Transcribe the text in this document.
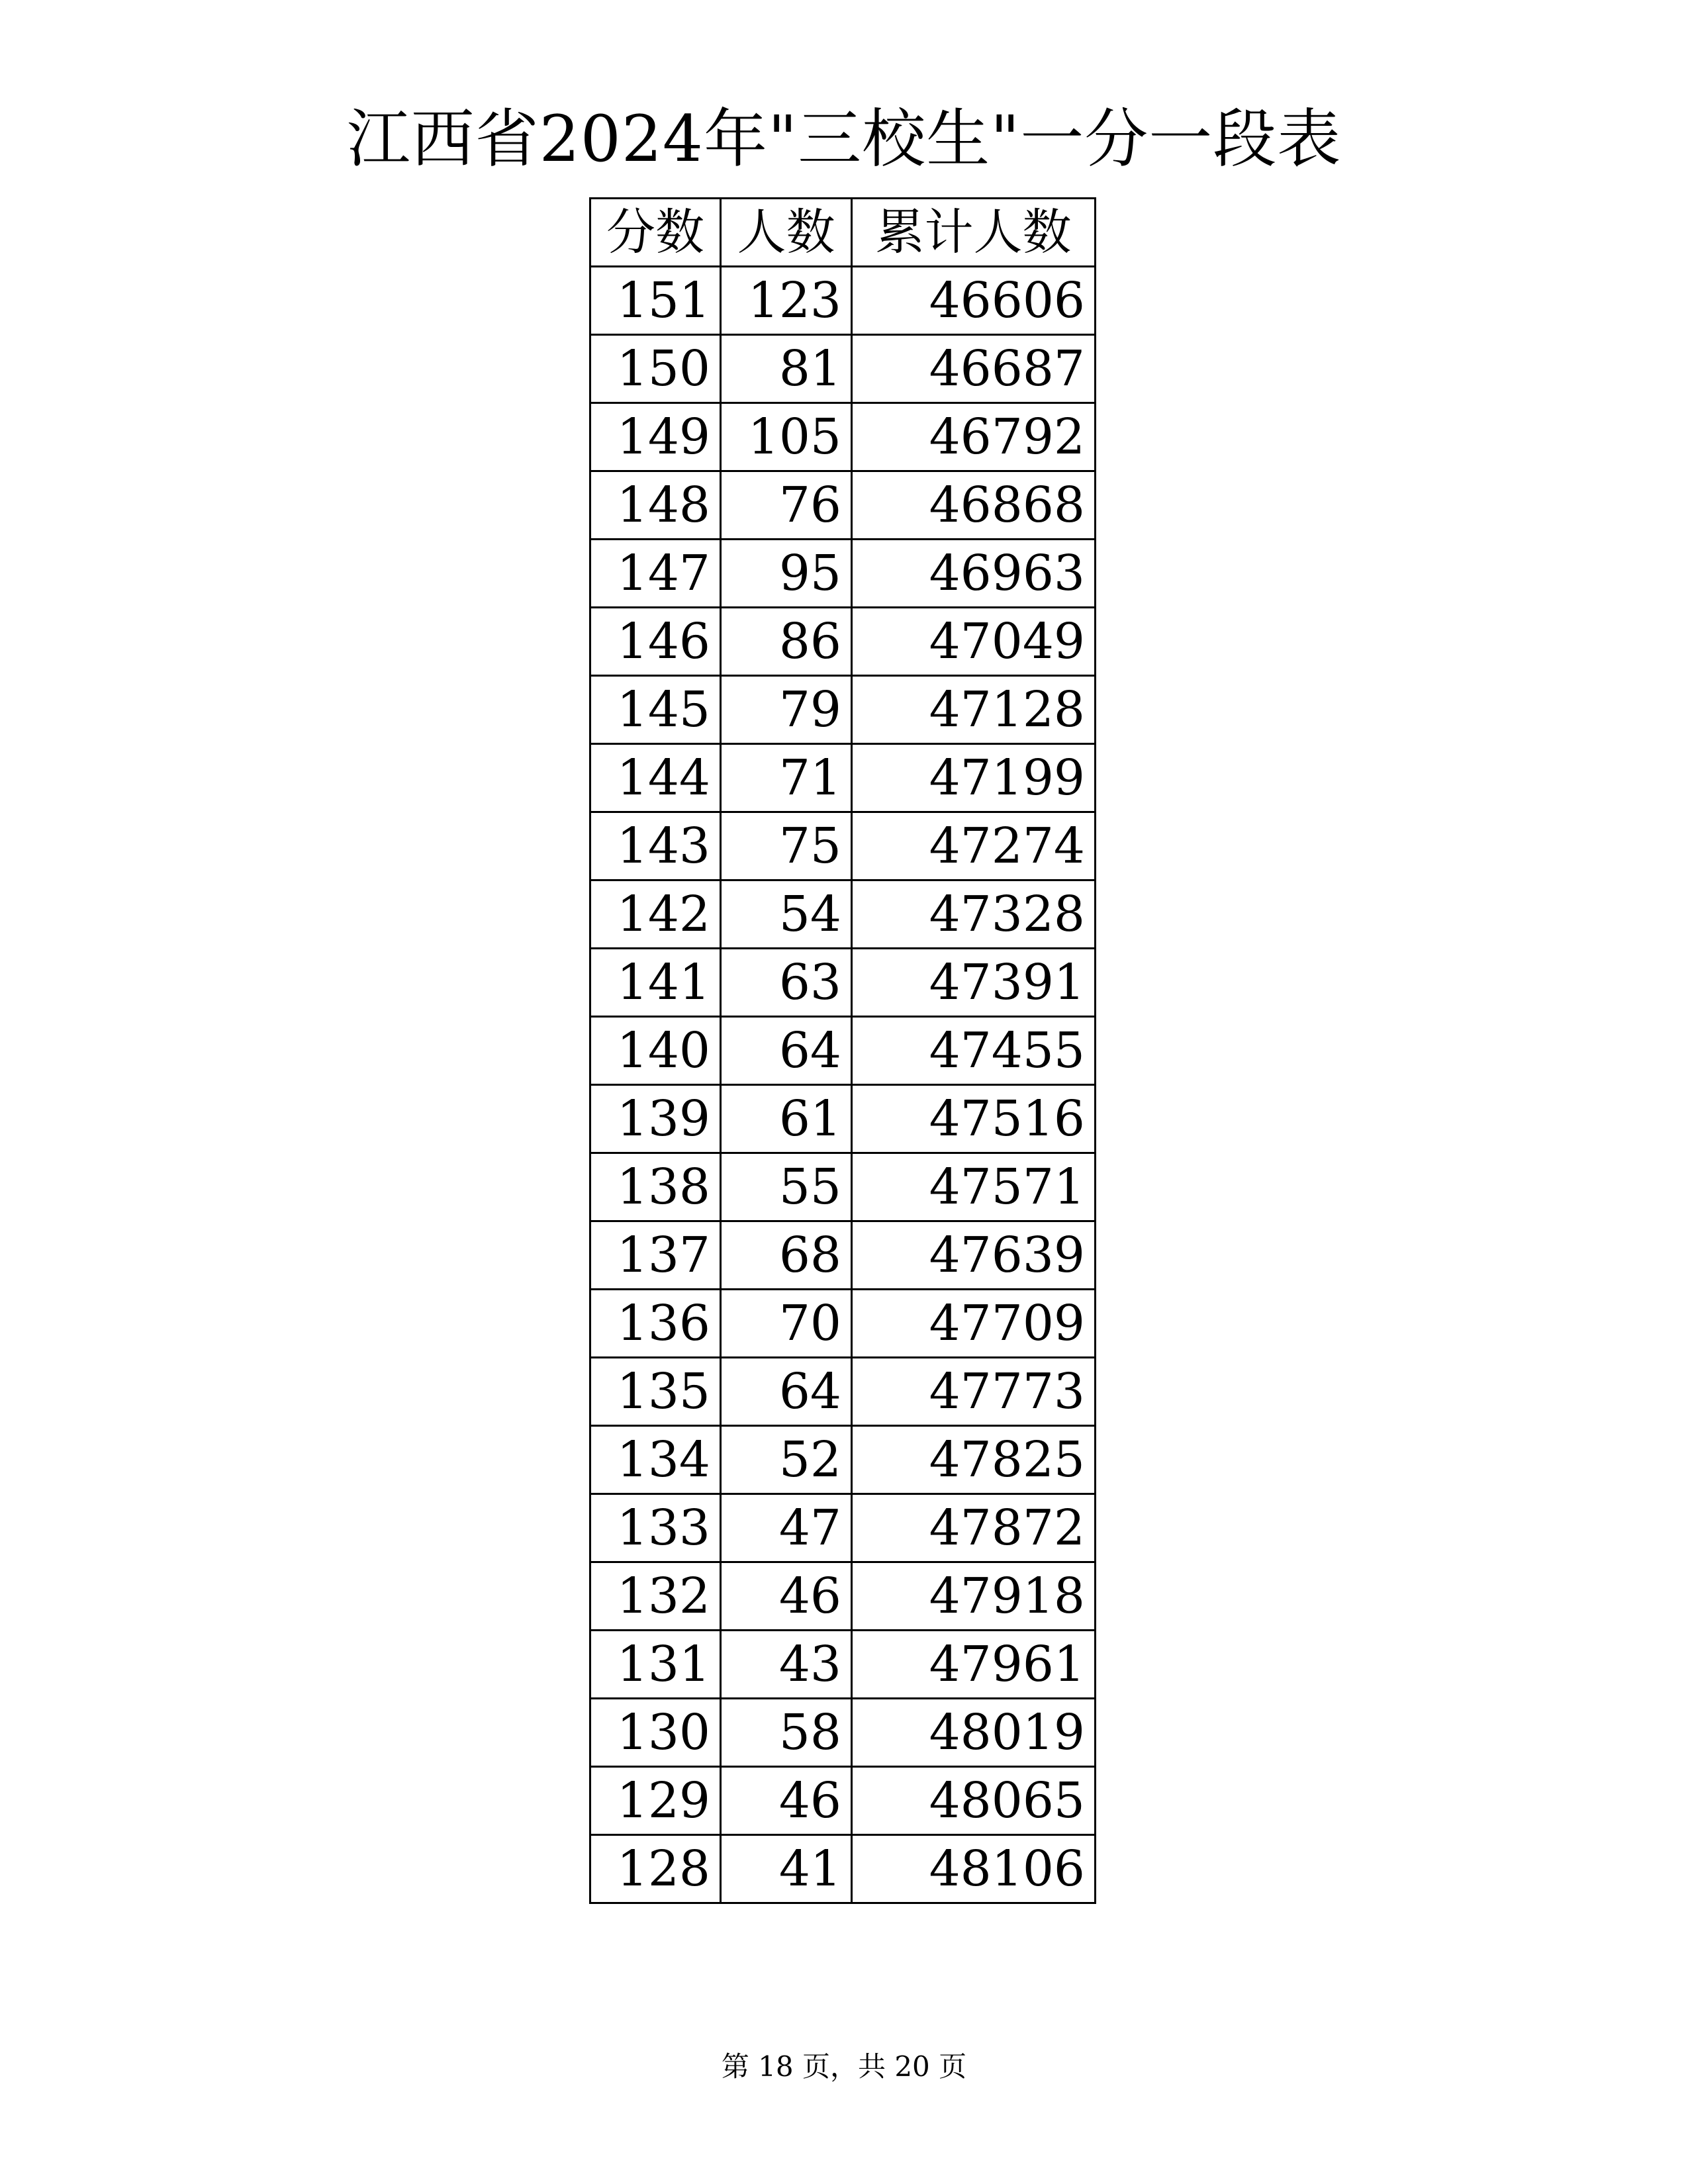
江西省2024年"三校生"一分一段表
分数	人数	累计人数
151	123	46606
150	81	46687
149	105	46792
148	76	46868
147	95	46963
146	86	47049
145	79	47128
144	71	47199
143	75	47274
142	54	47328
141	63	47391
140	64	47455
139	61	47516
138	55	47571
137	68	47639
136	70	47709
135	64	47773
134	52	47825
133	47	47872
132	46	47918
131	43	47961
130	58	48019
129	46	48065
128	41	48106

第 18 页，共 20 页
